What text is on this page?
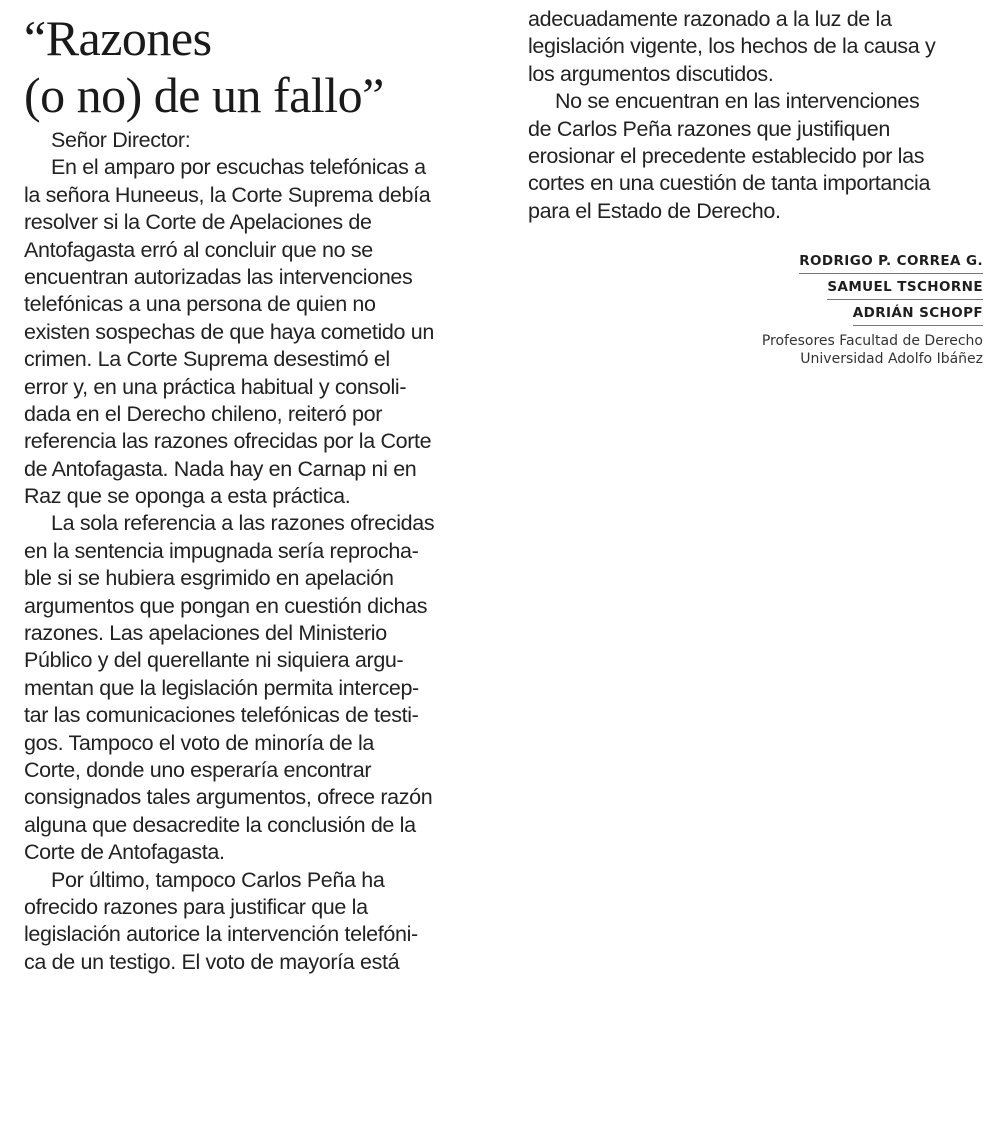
“Razones
(o no) de un fallo”
Señor Director:
En el amparo por escuchas telefónicas a
la señora Huneeus, la Corte Suprema debía
resolver si la Corte de Apelaciones de
Antofagasta erró al concluir que no se
encuentran autorizadas las intervenciones
telefónicas a una persona de quien no
existen sospechas de que haya cometido un
crimen. La Corte Suprema desestimó el
error y, en una práctica habitual y consoli-
dada en el Derecho chileno, reiteró por
referencia las razones ofrecidas por la Corte
de Antofagasta. Nada hay en Carnap ni en
Raz que se oponga a esta práctica.
La sola referencia a las razones ofrecidas
en la sentencia impugnada sería reprocha-
ble si se hubiera esgrimido en apelación
argumentos que pongan en cuestión dichas
razones. Las apelaciones del Ministerio
Público y del querellante ni siquiera argu-
mentan que la legislación permita intercep-
tar las comunicaciones telefónicas de testi-
gos. Tampoco el voto de minoría de la
Corte, donde uno esperaría encontrar
consignados tales argumentos, ofrece razón
alguna que desacredite la conclusión de la
Corte de Antofagasta.
Por último, tampoco Carlos Peña ha
ofrecido razones para justificar que la
legislación autorice la intervención telefóni-
ca de un testigo. El voto de mayoría está
adecuadamente razonado a la luz de la
legislación vigente, los hechos de la causa y
los argumentos discutidos.
No se encuentran en las intervenciones
de Carlos Peña razones que justifiquen
erosionar el precedente establecido por las
cortes en una cuestión de tanta importancia
para el Estado de Derecho.
RODRIGO P. CORREA G.
SAMUEL TSCHORNE
ADRIÁN SCHOPF
Profesores Facultad de Derecho
Universidad Adolfo Ibáñez
